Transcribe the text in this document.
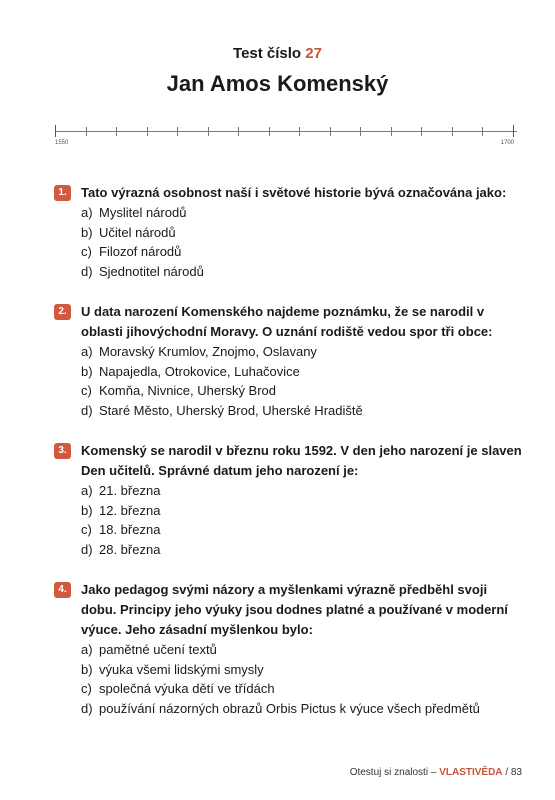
Test číslo 27
Jan Amos Komenský
1550	1700
1.	Tato výrazná osobnost naší i světové historie bývá označována jako:
a) Myslitel národů
b) Učitel národů
c) Filozof národů
d) Sjednotitel národů
2.	U data narození Komenského najdeme poznámku, že se narodil v oblasti jihovýchodní Moravy. O uznání rodiště vedou spor tři obce:
a) Moravský Krumlov, Znojmo, Oslavany
b) Napajedla, Otrokovice, Luhačovice
c) Komňa, Nivnice, Uherský Brod
d) Staré Město, Uherský Brod, Uherské Hradiště
3.	Komenský se narodil v březnu roku 1592. V den jeho narození je slaven Den učitelů. Správné datum jeho narození je:
a) 21. března
b) 12. března
c) 18. března
d) 28. března
4.	Jako pedagog svými názory a myšlenkami výrazně předběhl svoji dobu. Principy jeho výuky jsou dodnes platné a používané v moderní výuce. Jeho zásadní myšlenkou bylo:
a) pamětné učení textů
b) výuka všemi lidskými smysly
c) společná výuka dětí ve třídách
d) používání názorných obrazů Orbis Pictus k výuce všech předmětů
Otestuj si znalosti – VLASTIVĚDA / 83
